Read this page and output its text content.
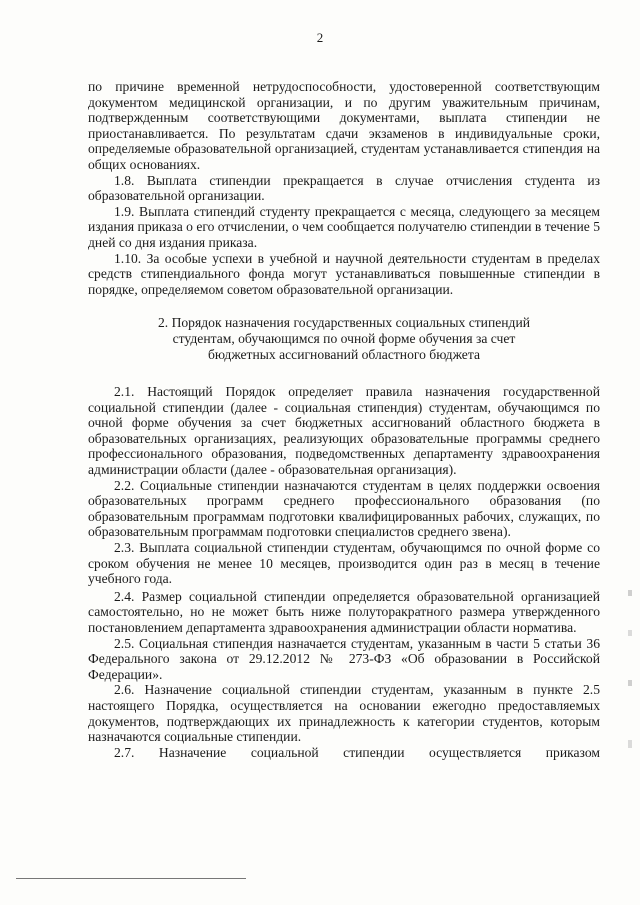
2

по причине временной нетрудоспособности, удостоверенной соответствующим документом медицинской организации, и по другим уважительным причинам, подтвержденным соответствующими документами, выплата стипендии не приостанавливается. По результатам сдачи экзаменов в индивидуальные сроки, определяемые образовательной организацией, студентам устанавливается стипендия на общих основаниях.

1.8. Выплата стипендии прекращается в случае отчисления студента из образовательной организации.

1.9. Выплата стипендий студенту прекращается с месяца, следующего за месяцем издания приказа о его отчислении, о чем сообщается получателю стипендии в течение 5 дней со дня издания приказа.

1.10. За особые успехи в учебной и научной деятельности студентам в пределах средств стипендиального фонда могут устанавливаться повышенные стипендии в порядке, определяемом советом образовательной организации.

2. Порядок назначения государственных социальных стипендий
студентам, обучающимся по очной форме обучения за счет
бюджетных ассигнований областного бюджета

2.1. Настоящий Порядок определяет правила назначения государственной социальной стипендии (далее - социальная стипендия) студентам, обучающимся по очной форме обучения за счет бюджетных ассигнований областного бюджета в образовательных организациях, реализующих образовательные программы среднего профессионального образования, подведомственных департаменту здравоохранения администрации области (далее - образовательная организация).

2.2. Социальные стипендии назначаются студентам в целях поддержки освоения образовательных программ среднего профессионального образования (по образовательным программам подготовки квалифицированных рабочих, служащих, по образовательным программам подготовки специалистов среднего звена).

2.3. Выплата социальной стипендии студентам, обучающимся по очной форме со сроком обучения не менее 10 месяцев, производится один раз в месяц в течение учебного года.

2.4. Размер социальной стипендии определяется образовательной организацией самостоятельно, но не может быть ниже полуторакратного размера утвержденного постановлением департамента здравоохранения администрации области норматива.

2.5. Социальная стипендия назначается студентам, указанным в части 5 статьи 36 Федерального закона от 29.12.2012 № 273-ФЗ «Об образовании в Российской Федерации».

2.6. Назначение социальной стипендии студентам, указанным в пункте 2.5 настоящего Порядка, осуществляется на основании ежегодно предоставляемых документов, подтверждающих их принадлежность к категории студентов, которым назначаются социальные стипендии.

2.7. Назначение социальной стипендии осуществляется приказом
